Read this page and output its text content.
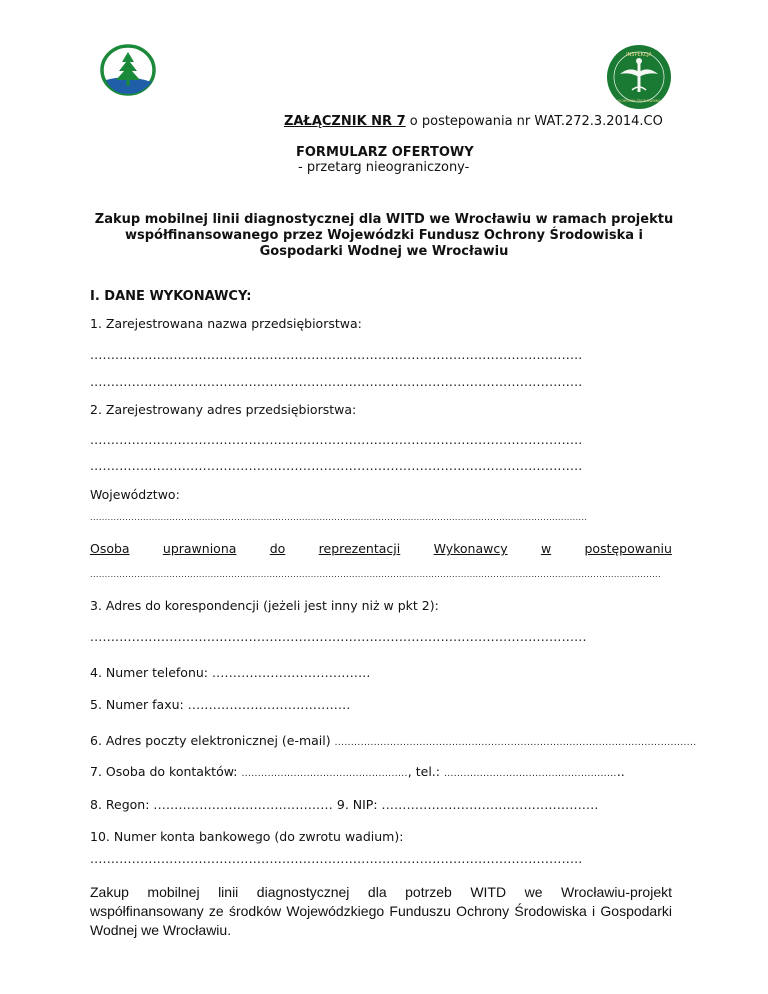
INSPEKCJA
OCHRONY ŚRODOWISKA
ZAŁĄCZNIK NR 7 o postepowania nr WAT.272.3.2014.CO
FORMULARZ OFERTOWY
- przetarg nieograniczony-
Zakup mobilnej linii diagnostycznej dla WITD we Wrocławiu w ramach projektu
współfinansowanego przez Wojewódzki Fundusz Ochrony Środowiska i
Gospodarki Wodnej we Wrocławiu
I. DANE WYKONAWCY:
1. Zarejestrowana nazwa przedsiębiorstwa:
......................................................................................................................
......................................................................................................................
2. Zarejestrowany adres przedsiębiorstwa:
......................................................................................................................
......................................................................................................................
Województwo:
.........................................................................................................................................................................
Osoba	uprawniona	do	reprezentacji	Wykonawcy	w	postępowaniu
..................................................................................................................................................................................................
3. Adres do korespondencji (jeżeli jest inny niż w pkt 2):
.......................................................................................................................
4. Numer telefonu: ......................................
5. Numer faxu: .......................................
6. Adres poczty elektronicznej (e-mail) ...............................................................................................................
7. Osoba do kontaktów: ..................................................., tel.: .......................................................
8. Regon: ........................................... 9. NIP: ....................................................
10. Numer konta bankowego (do zwrotu wadium):
......................................................................................................................
Zakup mobilnej linii diagnostycznej dla potrzeb WITD we Wrocławiu-projekt współfinansowany ze środków Wojewódzkiego Funduszu Ochrony Środowiska i Gospodarki Wodnej we Wrocławiu.
